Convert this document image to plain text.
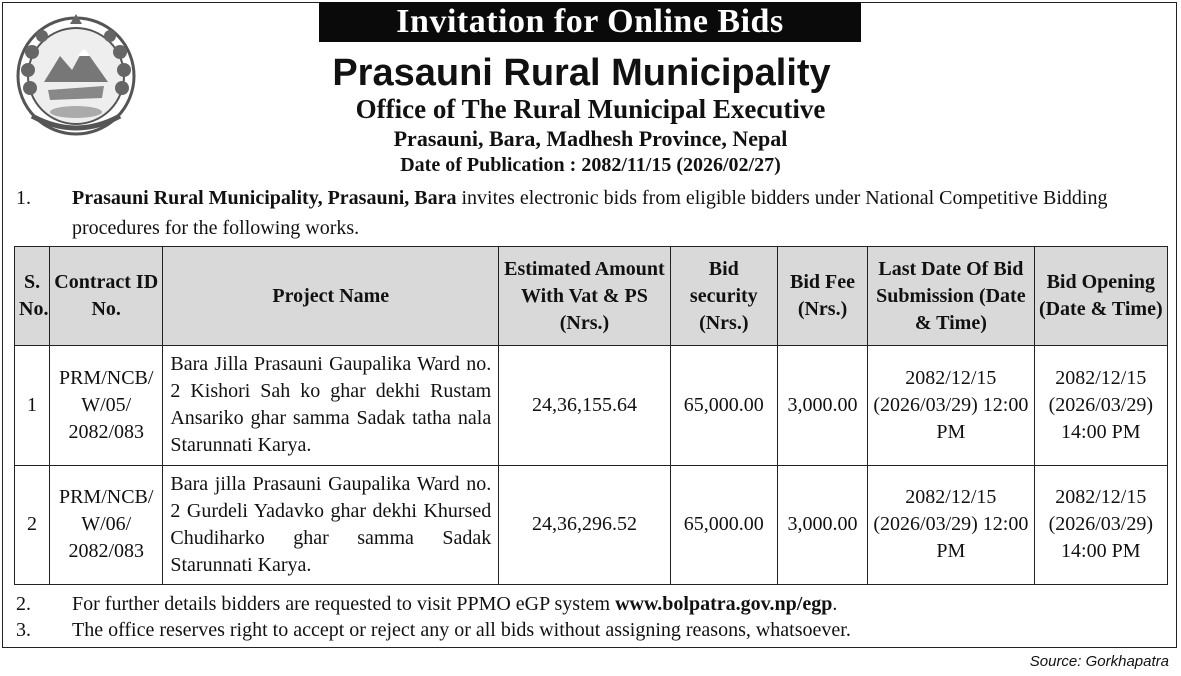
Invitation for Online Bids
Prasauni Rural Municipality
Office of The Rural Municipal Executive
Prasauni, Bara, Madhesh Province, Nepal
Date of Publication : 2082/11/15 (2026/02/27)
1. Prasauni Rural Municipality, Prasauni, Bara invites electronic bids from eligible bidders under National Competitive Bidding procedures for the following works.
S. No.	Contract ID No.	Project Name	Estimated Amount With Vat & PS (Nrs.)	Bid security (Nrs.)	Bid Fee (Nrs.)	Last Date Of Bid Submission (Date & Time)	Bid Opening (Date & Time)
1	PRM/NCB/ W/05/ 2082/083	Bara Jilla Prasauni Gaupalika Ward no. 2 Kishori Sah ko ghar dekhi Rustam Ansariko ghar samma Sadak tatha nala Starunnati Karya.	24,36,155.64	65,000.00	3,000.00	2082/12/15 (2026/03/29) 12:00 PM	2082/12/15 (2026/03/29) 14:00 PM
2	PRM/NCB/ W/06/ 2082/083	Bara jilla Prasauni Gaupalika Ward no. 2 Gurdeli Yadavko ghar dekhi Khursed Chudiharko ghar samma Sadak Starunnati Karya.	24,36,296.52	65,000.00	3,000.00	2082/12/15 (2026/03/29) 12:00 PM	2082/12/15 (2026/03/29) 14:00 PM
2. For further details bidders are requested to visit PPMO eGP system www.bolpatra.gov.np/egp.
3. The office reserves right to accept or reject any or all bids without assigning reasons, whatsoever.
Source: Gorkhapatra
